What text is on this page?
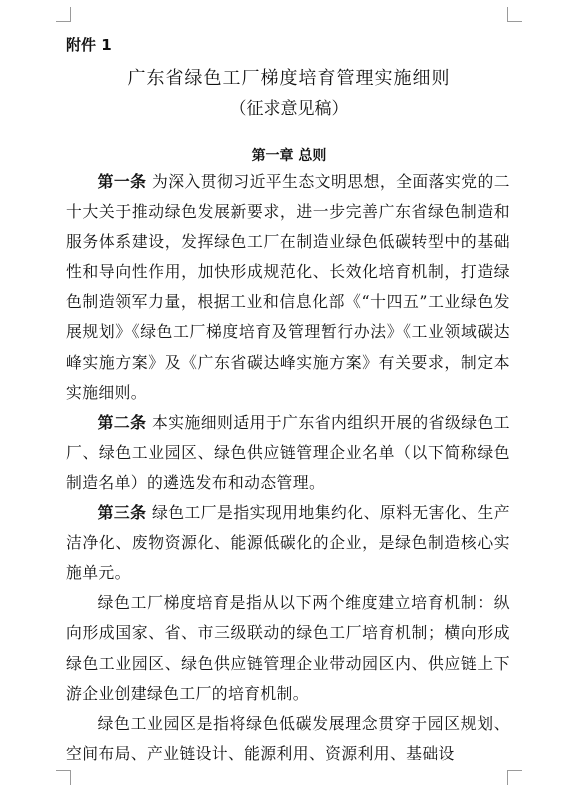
附件 1
广东省绿色工厂梯度培育管理实施细则
（征求意见稿）
第一章 总则

第一条 为深入贯彻习近平生态文明思想，全面落实党的二十大关于推动绿色发展新要求，进一步完善广东省绿色制造和服务体系建设，发挥绿色工厂在制造业绿色低碳转型中的基础性和导向性作用，加快形成规范化、长效化培育机制，打造绿色制造领军力量，根据工业和信息化部《“十四五”工业绿色发展规划》《绿色工厂梯度培育及管理暂行办法》《工业领域碳达峰实施方案》及《广东省碳达峰实施方案》有关要求，制定本实施细则。

第二条 本实施细则适用于广东省内组织开展的省级绿色工厂、绿色工业园区、绿色供应链管理企业名单（以下简称绿色制造名单）的遴选发布和动态管理。

第三条 绿色工厂是指实现用地集约化、原料无害化、生产洁净化、废物资源化、能源低碳化的企业，是绿色制造核心实施单元。

绿色工厂梯度培育是指从以下两个维度建立培育机制：纵向形成国家、省、市三级联动的绿色工厂培育机制；横向形成绿色工业园区、绿色供应链管理企业带动园区内、供应链上下游企业创建绿色工厂的培育机制。

绿色工业园区是指将绿色低碳发展理念贯穿于园区规划、空间布局、产业链设计、能源利用、资源利用、基础设
